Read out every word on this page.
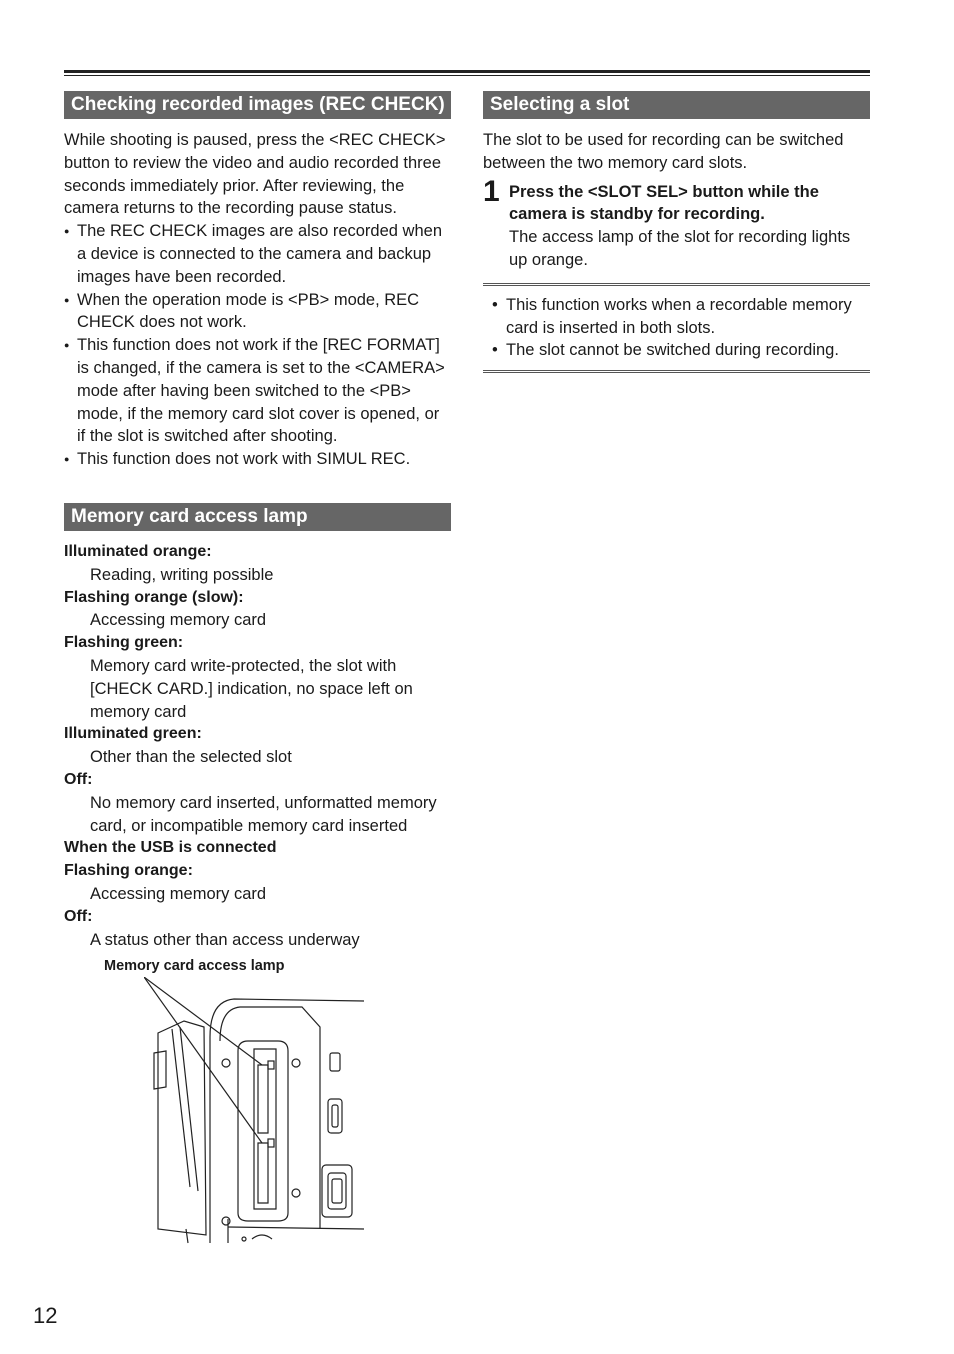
Checking recorded images (REC CHECK)

While shooting is paused, press the <REC CHECK> button to review the video and audio recorded three seconds immediately prior. After reviewing, the camera returns to the recording pause status.

● The REC CHECK images are also recorded when a device is connected to the camera and backup images have been recorded.
● When the operation mode is <PB> mode, REC CHECK does not work.
● This function does not work if the [REC FORMAT] is changed, if the camera is set to the <CAMERA> mode after having been switched to the <PB> mode, if the memory card slot cover is opened, or if the slot is switched after shooting.
● This function does not work with SIMUL REC.
Memory card access lamp
Illuminated orange:
Reading, writing possible
Flashing orange (slow):
Accessing memory card
Flashing green:
Memory card write-protected, the slot with [CHECK CARD.] indication, no space left on memory card
Illuminated green:
Other than the selected slot
Off:
No memory card inserted, unformatted memory card, or incompatible memory card inserted
When the USB is connected
Flashing orange:
Accessing memory card
Off:
A status other than access underway
Memory card access lamp
Selecting a slot

The slot to be used for recording can be switched between the two memory card slots.

1 Press the <SLOT SEL> button while the camera is standby for recording.

The access lamp of the slot for recording lights up orange.

• This function works when a recordable memory card is inserted in both slots.
• The slot cannot be switched during recording.
12
